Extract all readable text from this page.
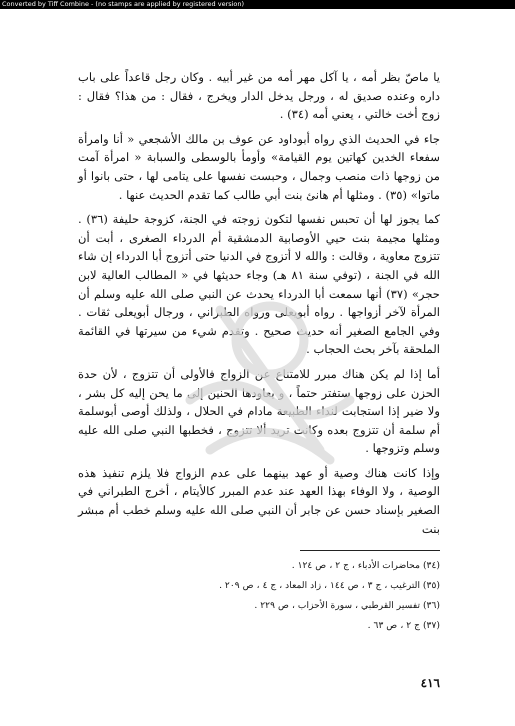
Converted by Tiff Combine - (no stamps are applied by registered version)

يا ماصّ بظر أمه ، يا آكل مهر أمه من غير أبيه . وكان رجل قاعداً على باب داره وعنده صديق له ، ورجل يدخل الدار ويخرج ، فقال : من هذا؟ فقال : زوج أخت خالتي ، يعني أمه (٣٤) .

جاء في الحديث الذي رواه أبوداود عن عوف بن مالك الأشجعي « أنا وامرأة سفعاء الخدين كهاتين يوم القيامة» وأومأ بالوسطى والسبابة « امرأة آمت من زوجها ذات منصب وجمال ، وحبست نفسها على يتامى لها ، حتى بانوا أو ماتوا» (٣٥) . ومثلها أم هانئ بنت أبي طالب كما تقدم الحديث عنها .

كما يجوز لها أن تحبس نفسها لتكون زوجته في الجنة، كزوجة حليفة (٣٦) . ومثلها مجيمة بنت حيي الأوصابية الدمشقية أم الدرداء الصغرى ، أبت أن تتزوج معاوية ، وقالت : والله لا أتزوج في الدنيا حتى أتزوج أبا الدرداء إن شاء الله في الجنة ، (توفي سنة ٨١ هـ) وجاء حديثها في « المطالب العالية لابن حجر» (٣٧) أنها سمعت أبا الدرداء يحدث عن النبي صلى الله عليه وسلم أن المرأة لآخر أزواجها . رواه أبويعلى ورواه الطبراني ، ورجال أبويعلى ثقات . وفي الجامع الصغير أنه حديث صحيح . وتقدم شيء من سيرتها في القائمة الملحقة بآخر بحث الحجاب .

أما إذا لم يكن هناك مبرر للامتناع عن الزواج فالأولى أن تتزوج ، لأن حدة الحزن على زوجها ستفتر حتماً ، و يعاودها الحنين إلى ما يحن إليه كل بشر ، ولا ضير إذا استجابت لنداء الطبيعة مادام في الحلال ، ولذلك أوصى أبوسلمة أم سلمة أن تتزوج بعده وكانت تريد ألا تتزوج ، فخطبها النبي صلى الله عليه وسلم وتزوجها .

وإذا كانت هناك وصية أو عهد بينهما على عدم الزواج فلا يلزم تنفيذ هذه الوصية ، ولا الوفاء بهذا العهد عند عدم المبرر كالأيتام ، أخرج الطبراني في الصغير بإسناد حسن عن جابر أن النبي صلى الله عليه وسلم خطب أم مبشر بنت

(٣٤) محاضرات الأدباء ، ج ٢ ، ص ١٢٤ .
(٣٥) الترغيب ، ج ٣ ، ص ١٤٤ ، زاد المعاد ، ج ٤ ، ص ٢٠٩ .
(٣٦) تفسير القرطبي ، سورة الأحزاب ، ص ٢٢٩ .
(٣٧) ج ٢ ، ص ٦٣ .
٤١٦
